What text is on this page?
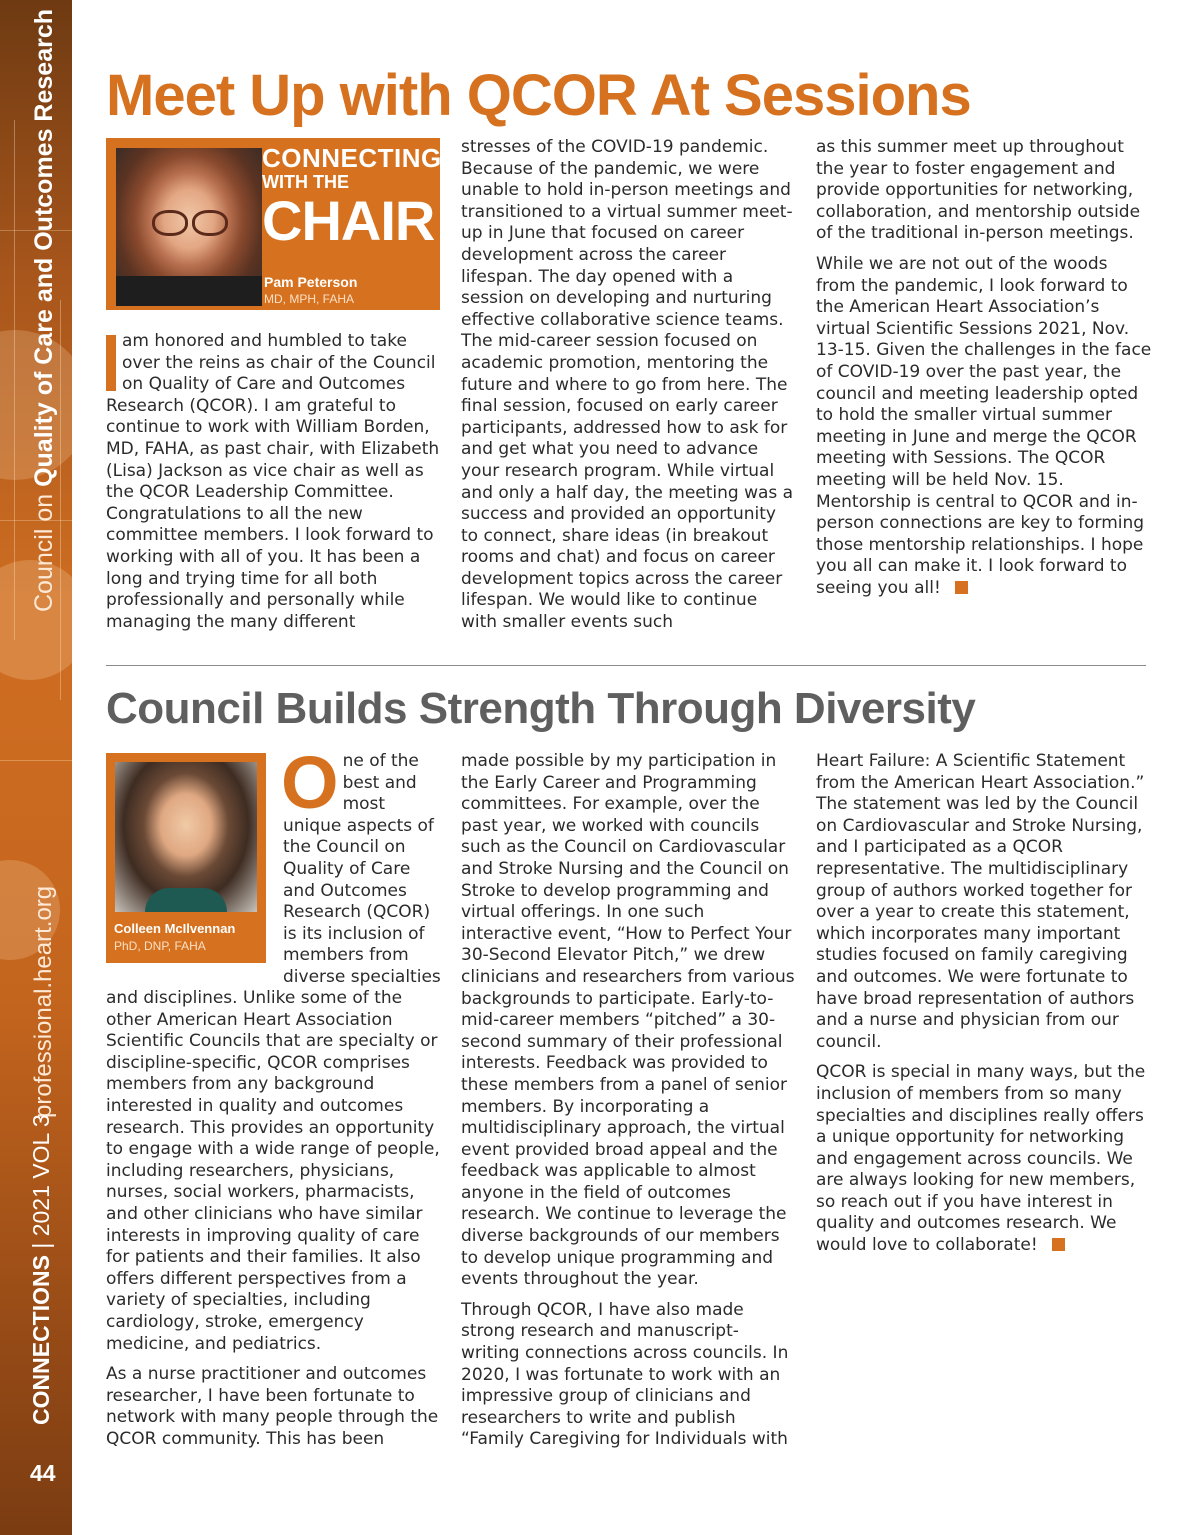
Council on Quality of Care and Outcomes Research
professional.heart.org
CONNECTIONS | 2021 VOL 3
44
Meet Up with QCOR At Sessions
CONNECTING
WITH THE
CHAIR
Pam Peterson
MD, MPH, FAHA
am honored and humbled to take over the reins as chair of the Council on Quality of Care and Outcomes Research (QCOR). I am grateful to continue to work with William Borden, MD, FAHA, as past chair, with Elizabeth (Lisa) Jackson as vice chair as well as the QCOR Leadership Committee. Congratulations to all the new committee members. I look forward to working with all of you. It has been a long and trying time for all both professionally and personally while managing the many different

stresses of the COVID-19 pandemic. Because of the pandemic, we were unable to hold in-person meetings and transitioned to a virtual summer meet-up in June that focused on career development across the career lifespan. The day opened with a session on developing and nurturing effective collaborative science teams. The mid-career session focused on academic promotion, mentoring the future and where to go from here. The final session, focused on early career participants, addressed how to ask for and get what you need to advance your research program. While virtual and only a half day, the meeting was a success and provided an opportunity to connect, share ideas (in breakout rooms and chat) and focus on career development topics across the career lifespan. We would like to continue with smaller events such

as this summer meet up throughout the year to foster engagement and provide opportunities for networking, collaboration, and mentorship outside of the traditional in-person meetings.

While we are not out of the woods from the pandemic, I look forward to the American Heart Association’s virtual Scientific Sessions 2021, Nov. 13-15. Given the challenges in the face of COVID-19 over the past year, the council and meeting leadership opted to hold the smaller virtual summer meeting in June and merge the QCOR meeting with Sessions. The QCOR meeting will be held Nov. 15. Mentorship is central to QCOR and in-person connections are key to forming those mentorship relationships. I hope you all can make it. I look forward to seeing you all!

Council Builds Strength Through Diversity
Colleen McIlvennan
PhD, DNP, FAHA
One of the best and most unique aspects of the Council on Quality of Care and Outcomes Research (QCOR) is its inclusion of members from diverse specialties

and disciplines. Unlike some of the other American Heart Association Scientific Councils that are specialty or discipline-specific, QCOR comprises members from any background interested in quality and outcomes research. This provides an opportunity to engage with a wide range of people, including researchers, physicians, nurses, social workers, pharmacists, and other clinicians who have similar interests in improving quality of care for patients and their families. It also offers different perspectives from a variety of specialties, including cardiology, stroke, emergency medicine, and pediatrics.

As a nurse practitioner and outcomes researcher, I have been fortunate to network with many people through the QCOR community. This has been

made possible by my participation in the Early Career and Programming committees. For example, over the past year, we worked with councils such as the Council on Cardiovascular and Stroke Nursing and the Council on Stroke to develop programming and virtual offerings. In one such interactive event, “How to Perfect Your 30-Second Elevator Pitch,” we drew clinicians and researchers from various backgrounds to participate. Early-to-mid-career members “pitched” a 30-second summary of their professional interests. Feedback was provided to these members from a panel of senior members. By incorporating a multidisciplinary approach, the virtual event provided broad appeal and the feedback was applicable to almost anyone in the field of outcomes research. We continue to leverage the diverse backgrounds of our members to develop unique programming and events throughout the year.

Through QCOR, I have also made strong research and manuscript-writing connections across councils. In 2020, I was fortunate to work with an impressive group of clinicians and researchers to write and publish “Family Caregiving for Individuals with

Heart Failure: A Scientific Statement from the American Heart Association.” The statement was led by the Council on Cardiovascular and Stroke Nursing, and I participated as a QCOR representative. The multidisciplinary group of authors worked together for over a year to create this statement, which incorporates many important studies focused on family caregiving and outcomes. We were fortunate to have broad representation of authors and a nurse and physician from our council.

QCOR is special in many ways, but the inclusion of members from so many specialties and disciplines really offers a unique opportunity for networking and engagement across councils. We are always looking for new members, so reach out if you have interest in quality and outcomes research. We would love to collaborate!
